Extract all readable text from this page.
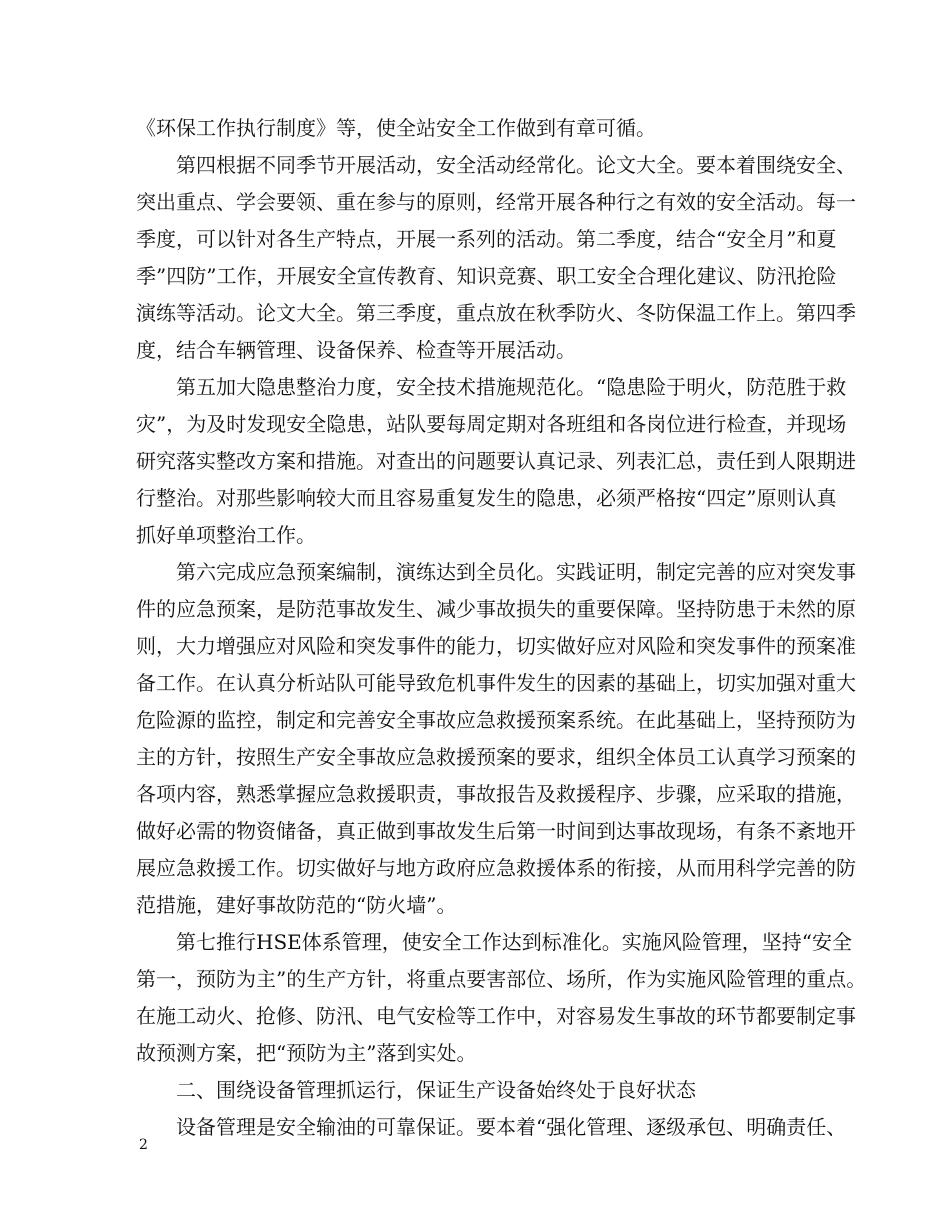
《环保工作执行制度》等，使全站安全工作做到有章可循。
第四根据不同季节开展活动，安全活动经常化。论文大全。要本着围绕安全、
突出重点、学会要领、重在参与的原则，经常开展各种行之有效的安全活动。每一
季度，可以针对各生产特点，开展一系列的活动。第二季度，结合“安全月”和夏
季”四防”工作，开展安全宣传教育、知识竞赛、职工安全合理化建议、防汛抢险
演练等活动。论文大全。第三季度，重点放在秋季防火、冬防保温工作上。第四季
度，结合车辆管理、设备保养、检查等开展活动。
第五加大隐患整治力度，安全技术措施规范化。“隐患险于明火，防范胜于救
灾”，为及时发现安全隐患，站队要每周定期对各班组和各岗位进行检查，并现场
研究落实整改方案和措施。对查出的问题要认真记录、列表汇总，责任到人限期进
行整治。对那些影响较大而且容易重复发生的隐患，必须严格按“四定”原则认真
抓好单项整治工作。
第六完成应急预案编制，演练达到全员化。实践证明，制定完善的应对突发事
件的应急预案，是防范事故发生、减少事故损失的重要保障。坚持防患于未然的原
则，大力增强应对风险和突发事件的能力，切实做好应对风险和突发事件的预案准
备工作。在认真分析站队可能导致危机事件发生的因素的基础上，切实加强对重大
危险源的监控，制定和完善安全事故应急救援预案系统。在此基础上，坚持预防为
主的方针，按照生产安全事故应急救援预案的要求，组织全体员工认真学习预案的
各项内容，熟悉掌握应急救援职责，事故报告及救援程序、步骤，应采取的措施，
做好必需的物资储备，真正做到事故发生后第一时间到达事故现场，有条不紊地开
展应急救援工作。切实做好与地方政府应急救援体系的衔接，从而用科学完善的防
范措施，建好事故防范的“防火墙”。
第七推行HSE体系管理，使安全工作达到标准化。实施风险管理，坚持“安全
第一，预防为主”的生产方针，将重点要害部位、场所，作为实施风险管理的重点。
在施工动火、抢修、防汛、电气安检等工作中，对容易发生事故的环节都要制定事
故预测方案，把“预防为主”落到实处。
二、围绕设备管理抓运行，保证生产设备始终处于良好状态
设备管理是安全输油的可靠保证。要本着“强化管理、逐级承包、明确责任、
2
